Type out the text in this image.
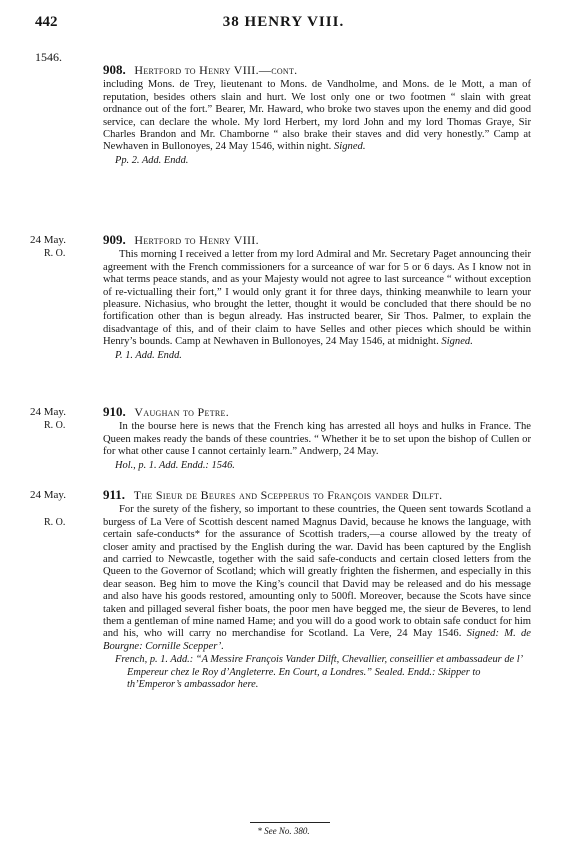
442	38 HENRY VIII.
1546.
908. Hertford to Henry VIII.—cont.

including Mons. de Trey, lieutenant to Mons. de Vandholme, and Mons. de le Mott, a man of reputation, besides others slain and hurt. We lost only one or two footmen “ slain with great ordnance out of the fort.” Bearer, Mr. Haward, who broke two staves upon the enemy and did good service, can declare the whole. My lord Herbert, my lord John and my lord Thomas Graye, Sir Charles Brandon and Mr. Chamborne “ also brake their staves and did very honestly.” Camp at Newhaven in Bullonoyes, 24 May 1546, within night. Signed.

Pp. 2. Add. Endd.
24 May.
R. O.
909. Hertford to Henry VIII.

This morning I received a letter from my lord Admiral and Mr. Secretary Paget announcing their agreement with the French commissioners for a surceance of war for 5 or 6 days. As I know not in what terms peace stands, and as your Majesty would not agree to last surceance “ without exception of re-victualling their fort,” I would only grant it for three days, thinking meanwhile to learn your pleasure. Nichasius, who brought the letter, thought it would be concluded that there should be no fortification other than is begun already. Has instructed bearer, Sir Thos. Palmer, to explain the disadvantage of this, and of their claim to have Selles and other pieces which should be within Henry’s bounds. Camp at Newhaven in Bullonoyes, 24 May 1546, at midnight. Signed.

P. 1. Add. Endd.
24 May.
R. O.
910. Vaughan to Petre.

In the bourse here is news that the French king has arrested all hoys and hulks in France. The Queen makes ready the bands of these countries. “ Whether it be to set upon the bishop of Cullen or for what other cause I cannot certainly learn.” Andwerp, 24 May.

Hol., p. 1. Add. Endd.: 1546.
24 May.
R. O.
911. The Sieur de Beures and Scepperus to François vander Dilft.

For the surety of the fishery, so important to these countries, the Queen sent towards Scotland a burgess of La Vere of Scottish descent named Magnus David, because he knows the language, with certain safe-conducts* for the assurance of Scottish traders,—a course allowed by the treaty of closer amity and practised by the English during the war. David has been captured by the English and carried to Newcastle, together with the said safe-conducts and certain closed letters from the Queen to the Governor of Scotland; which will greatly frighten the fishermen, and especially in this dear season. Beg him to move the King’s council that David may be released and do his message and also have his goods restored, amounting only to 500fl. Moreover, because the Scots have since taken and pillaged several fisher boats, the poor men have begged me, the sieur de Beveres, to lend them a gentleman of mine named Hame; and you will do a good work to obtain safe conduct for him and his, who will carry no merchandise for Scotland. La Vere, 24 May 1546. Signed: M. de Bourgne: Cornille Scepper’.

French, p. 1. Add.: “A Messire François Vander Dilft, Chevallier, conseillier et ambassadeur de l’ Empereur chez le Roy d’Angleterre. En Court, a Londres.” Sealed. Endd.: Skipper to th’Emperor’s ambassador here.
* See No. 380.
